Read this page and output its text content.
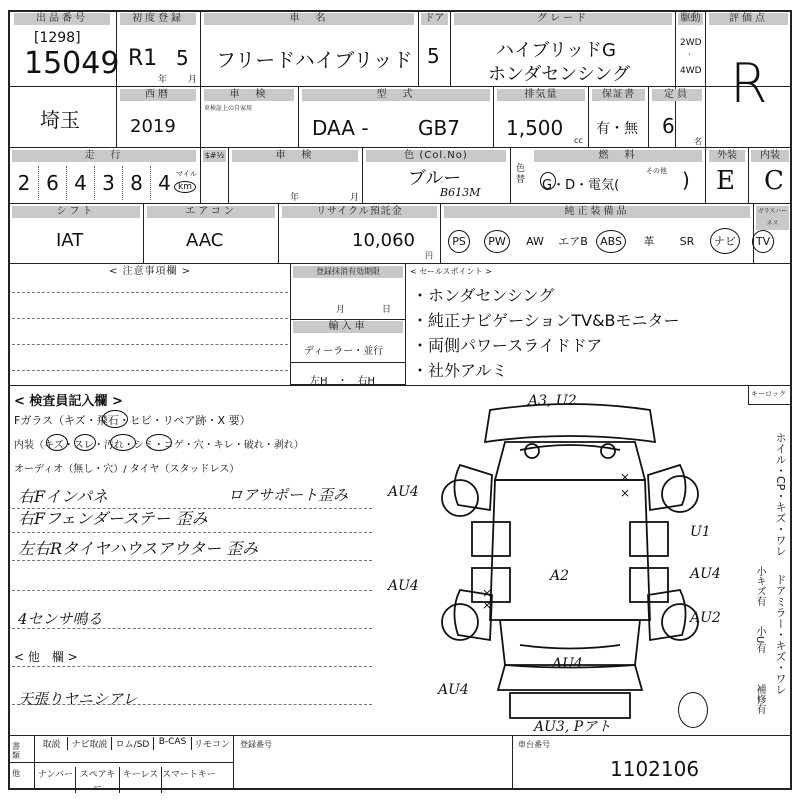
出品番号
[1298]
15049
初度登録
R1 5
年 月
車　名
フリードハイブリッド
ドア
5
グレード
ハイブリッドG
ホンダセンシング
駆動
2WD
·
4WD
評価点
R
埼玉
西暦
2019
車　検
車検証上の自家用
型　式
DAA - GB7
排気量
1,500
cc
保証書
有・無
定員
6
名
走　行
2 6 4 3 8 4 マイル
km
$#½	車　検
年	月
色 (Col.No)
ブルー
B613M
色
替
燃　料
G・D・電気(
その他 )
外装
E
内装
C
シフト
IAT
エアコン
AAC
リサイクル預託金
10,060
円
純正装備品	ガラスハーネス
PS	PW	AW エアB	ABS	革 SR	ナビ	TV
< 注意事項欄 >	登録抹消有効期限
月	日
輸入車
ディーラー・並行
左H　・　右H
< セールスポイント >
・ホンダセンシング
・純正ナビゲーションTV&Bモニター
・両側パワースライドドア
・社外アルミ
< 検査員記入欄 >
Fガラス（キズ・飛石・ヒビ・リペア跡・X 要）
内装（キズ・スレ・汚れ・シミ・コゲ・穴・キレ・破れ・剥れ）
オーディオ（無し・穴）/ タイヤ（スタッドレス）
右Fインパネ	ロアサポート歪み
右Fフェンダーステー 歪み
左右Rタイヤハウスアウター 歪み
< 他　欄 >
4センサ鳴る
天張りヤニシアレ
A3, U2
AU4
U1
A2
AU4
AU4
AU2
AU4
AU4
AU3, Pアト
×
×
×
×
キーロック
ホイル・CP・キズ・ワレ
ドアミラー・キズ・ワレ
小キズ有
小U有
補修有
書
類
他
取説	ナビ取説 ロム/SD	B-CAS リモコン
ナンバー スペアキー
キーレス スマートキー
登録番号	車台番号
1102106
